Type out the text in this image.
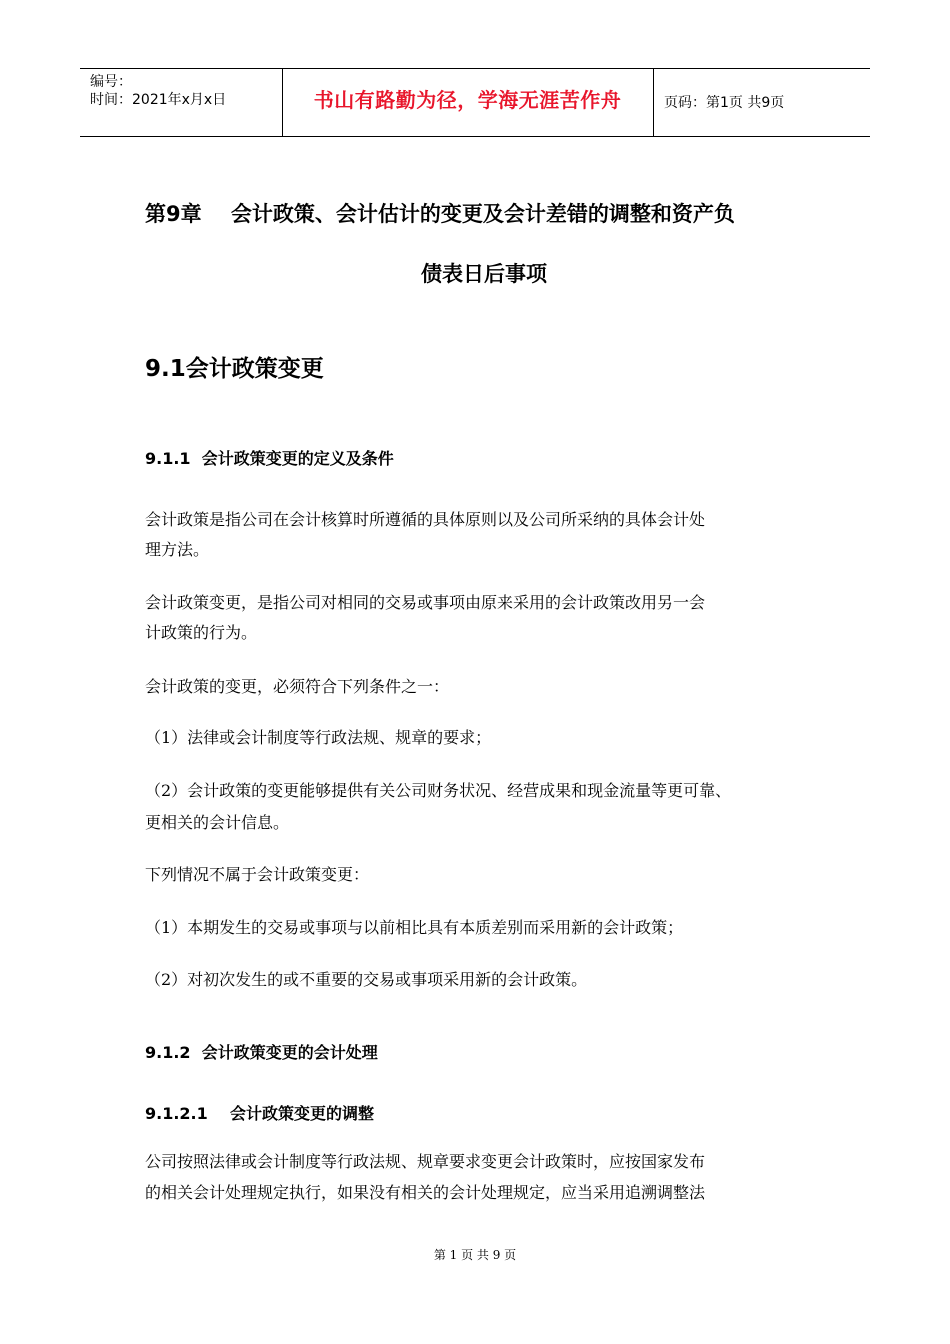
编号：
时间：2021年x月x日	书山有路勤为径，学海无涯苦作舟	页码：第1页 共9页
第9章    会计政策、会计估计的变更及会计差错的调整和资产负
债表日后事项
9.1会计政策变更
9.1.1  会计政策变更的定义及条件
会计政策是指公司在会计核算时所遵循的具体原则以及公司所采纳的具体会计处
理方法。
会计政策变更，是指公司对相同的交易或事项由原来采用的会计政策改用另一会
计政策的行为。
会计政策的变更，必须符合下列条件之一：
（1）法律或会计制度等行政法规、规章的要求；
（2）会计政策的变更能够提供有关公司财务状况、经营成果和现金流量等更可靠、
更相关的会计信息。
下列情况不属于会计政策变更：
（1）本期发生的交易或事项与以前相比具有本质差别而采用新的会计政策；
（2）对初次发生的或不重要的交易或事项采用新的会计政策。
9.1.2  会计政策变更的会计处理
9.1.2.1    会计政策变更的调整
公司按照法律或会计制度等行政法规、规章要求变更会计政策时，应按国家发布
的相关会计处理规定执行，如果没有相关的会计处理规定，应当采用追溯调整法
第 1 页 共 9 页
